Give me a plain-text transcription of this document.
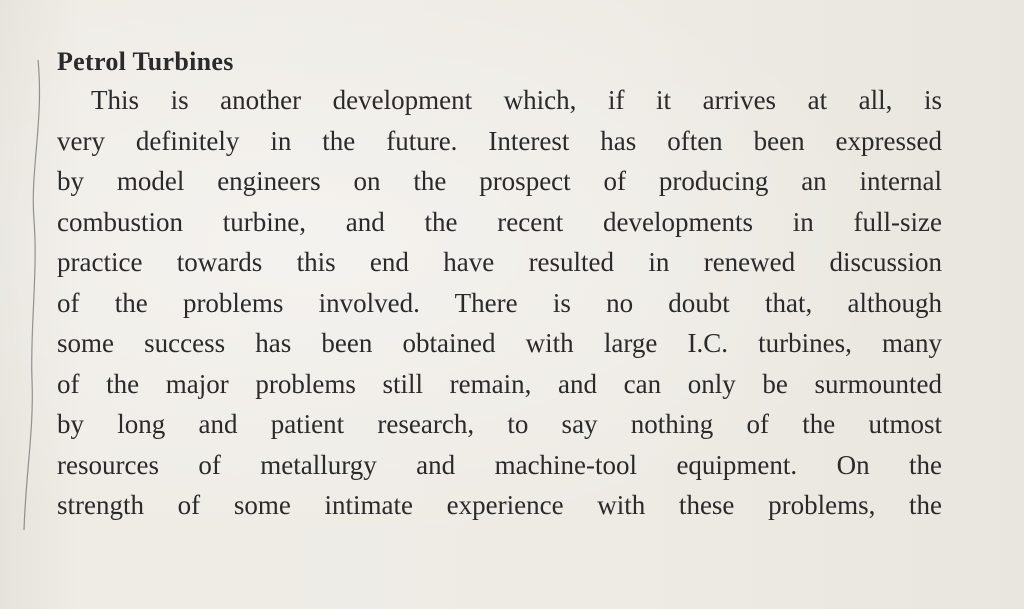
Petrol Turbines

This is another development which, if it arrives at all, is
very definitely in the future. Interest has often been expressed
by model engineers on the prospect of producing an internal
combustion turbine, and the recent developments in full-size
practice towards this end have resulted in renewed discussion
of the problems involved. There is no doubt that, although
some success has been obtained with large I.C. turbines, many
of the major problems still remain, and can only be surmounted
by long and patient research, to say nothing of the utmost
resources of metallurgy and machine-tool equipment. On the
strength of some intimate experience with these problems, the
